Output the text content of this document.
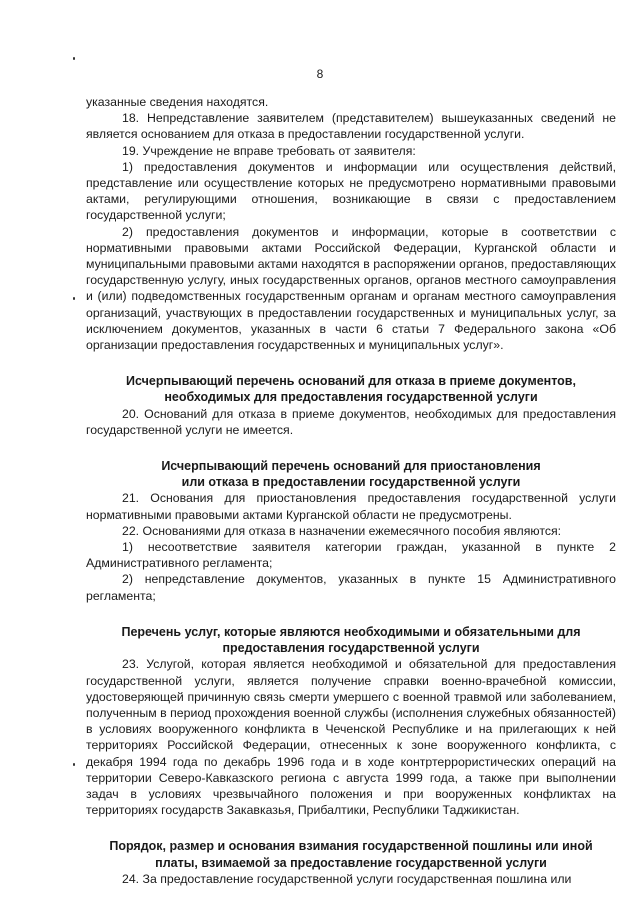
8

указанные сведения находятся.

18. Непредставление заявителем (представителем) вышеуказанных сведений не является основанием для отказа в предоставлении государственной услуги.

19. Учреждение не вправе требовать от заявителя:

1) предоставления документов и информации или осуществления действий, представление или осуществление которых не предусмотрено нормативными правовыми актами, регулирующими отношения, возникающие в связи с предоставлением государственной услуги;

2) предоставления документов и информации, которые в соответствии с нормативными правовыми актами Российской Федерации, Курганской области и муниципальными правовыми актами находятся в распоряжении органов, предоставляющих государственную услугу, иных государственных органов, органов местного самоуправления и (или) подведомственных государственным органам и органам местного самоуправления организаций, участвующих в предоставлении государственных и муниципальных услуг, за исключением документов, указанных в части 6 статьи 7 Федерального закона «Об организации предоставления государственных и муниципальных услуг».

Исчерпывающий перечень оснований для отказа в приеме документов,
необходимых для предоставления государственной услуги

20. Оснований для отказа в приеме документов, необходимых для предоставления государственной услуги не имеется.

Исчерпывающий перечень оснований для приостановления
или отказа в предоставлении государственной услуги

21. Основания для приостановления предоставления государственной услуги нормативными правовыми актами Курганской области не предусмотрены.

22. Основаниями для отказа в назначении ежемесячного пособия являются:

1) несоответствие заявителя категории граждан, указанной в пункте 2 Административного регламента;

2) непредставление документов, указанных в пункте 15 Административного регламента;

Перечень услуг, которые являются необходимыми и обязательными для
предоставления государственной услуги

23. Услугой, которая является необходимой и обязательной для предоставления государственной услуги, является получение справки военно-врачебной комиссии, удостоверяющей причинную связь смерти умершего с военной травмой или заболеванием, полученным в период прохождения военной службы (исполнения служебных обязанностей) в условиях вооруженного конфликта в Чеченской Республике и на прилегающих к ней территориях Российской Федерации, отнесенных к зоне вооруженного конфликта, с декабря 1994 года по декабрь 1996 года и в ходе контртеррористических операций на территории Северо-Кавказского региона с августа 1999 года, а также при выполнении задач в условиях чрезвычайного положения и при вооруженных конфликтах на территориях государств Закавказья, Прибалтики, Республики Таджикистан.

Порядок, размер и основания взимания государственной пошлины или иной
платы, взимаемой за предоставление государственной услуги

24. За предоставление государственной услуги государственная пошлина или
